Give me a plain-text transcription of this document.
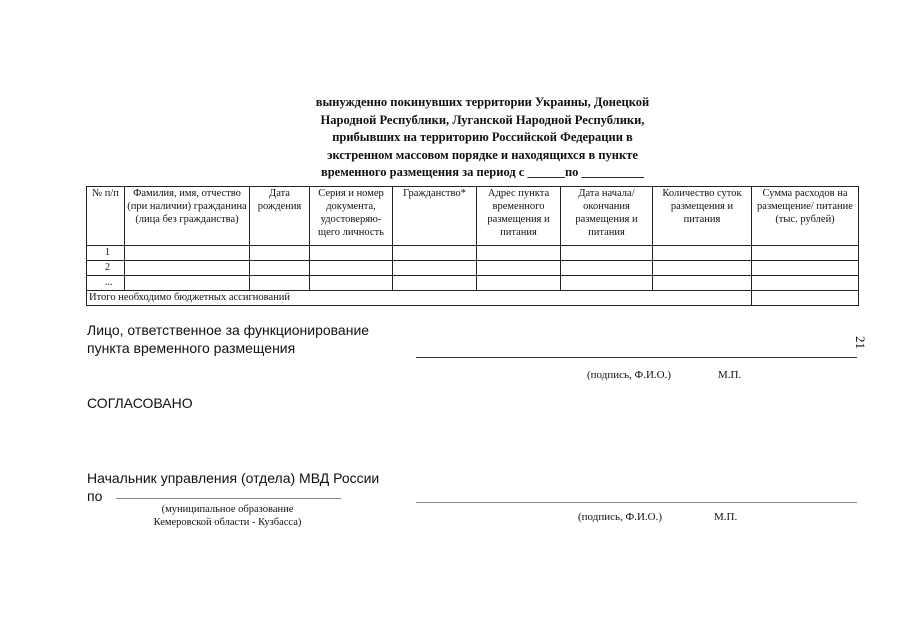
вынужденно покинувших территории Украины, Донецкой
Народной Республики, Луганской Народной Республики,
прибывших на территорию Российской Федерации в
экстренном массовом порядке и находящихся в пункте
временного размещения за период с ______по __________
№ п/п	Фамилия, имя, отчество (при наличии) гражданина (лица без гражданства)	Дата рождения	Серия и номер документа, удостоверяю-щего личность	Гражданство*	Адрес пункта временного размещения и питания	Дата начала/ окончания размещения и питания	Количество суток размещения и питания	Сумма расходов на размещение/ питание (тыс. рублей)
1								
2								
...								
Итого необходимо бюджетных ассигнований								
Лицо, ответственное за функционирование
пункта временного размещения
(подпись, Ф.И.О.)	М.П.
СОГЛАСОВАНО
Начальник управления (отдела) МВД России
по
(муниципальное образование
Кемеровской области - Кузбасса)	(подпись, Ф.И.О.)	М.П.
21
